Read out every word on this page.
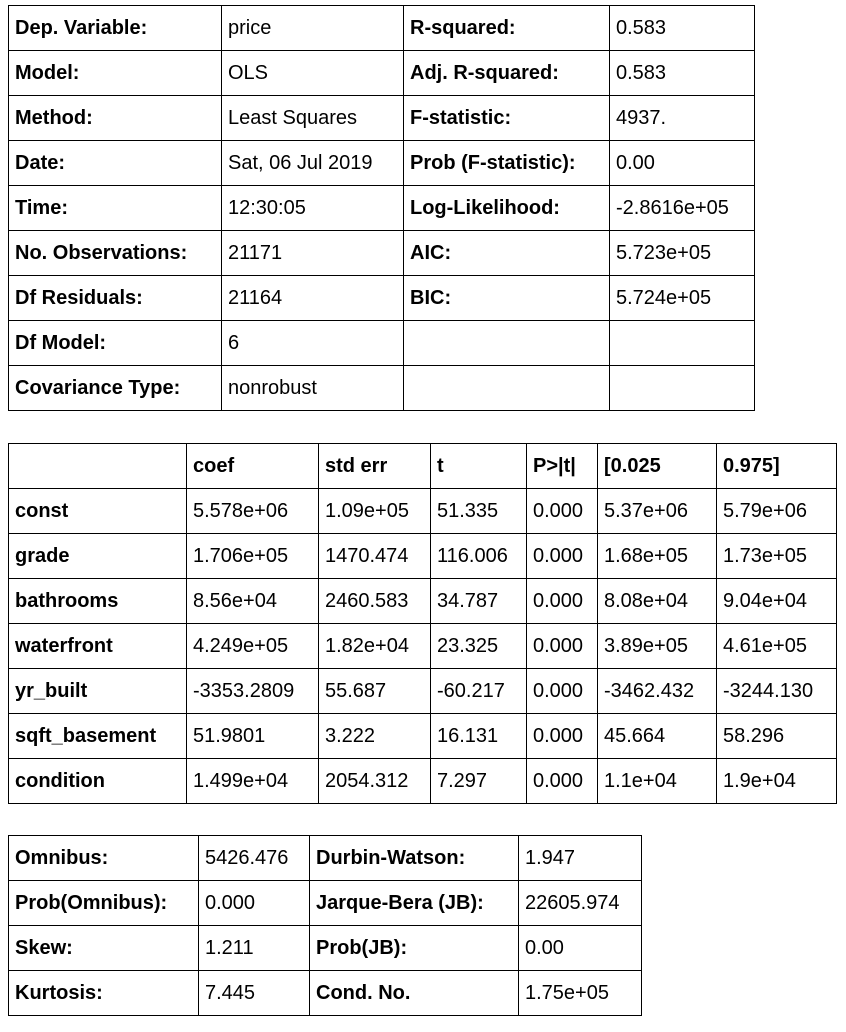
Dep. Variable:	price	R-squared:	0.583
Model:	OLS	Adj. R-squared:	0.583
Method:	Least Squares	F-statistic:	4937.
Date:	Sat, 06 Jul 2019	Prob (F-statistic):	0.00
Time:	12:30:05	Log-Likelihood:	-2.8616e+05
No. Observations:	21171	AIC:	5.723e+05
Df Residuals:	21164	BIC:	5.724e+05
Df Model:	6		
Covariance Type:	nonrobust		
	coef	std err	t	P>|t|	[0.025	0.975]
const	5.578e+06	1.09e+05	51.335	0.000	5.37e+06	5.79e+06
grade	1.706e+05	1470.474	116.006	0.000	1.68e+05	1.73e+05
bathrooms	8.56e+04	2460.583	34.787	0.000	8.08e+04	9.04e+04
waterfront	4.249e+05	1.82e+04	23.325	0.000	3.89e+05	4.61e+05
yr_built	-3353.2809	55.687	-60.217	0.000	-3462.432	-3244.130
sqft_basement	51.9801	3.222	16.131	0.000	45.664	58.296
condition	1.499e+04	2054.312	7.297	0.000	1.1e+04	1.9e+04
Omnibus:	5426.476	Durbin-Watson:	1.947
Prob(Omnibus):	0.000	Jarque-Bera (JB):	22605.974
Skew:	1.211	Prob(JB):	0.00
Kurtosis:	7.445	Cond. No.	1.75e+05
